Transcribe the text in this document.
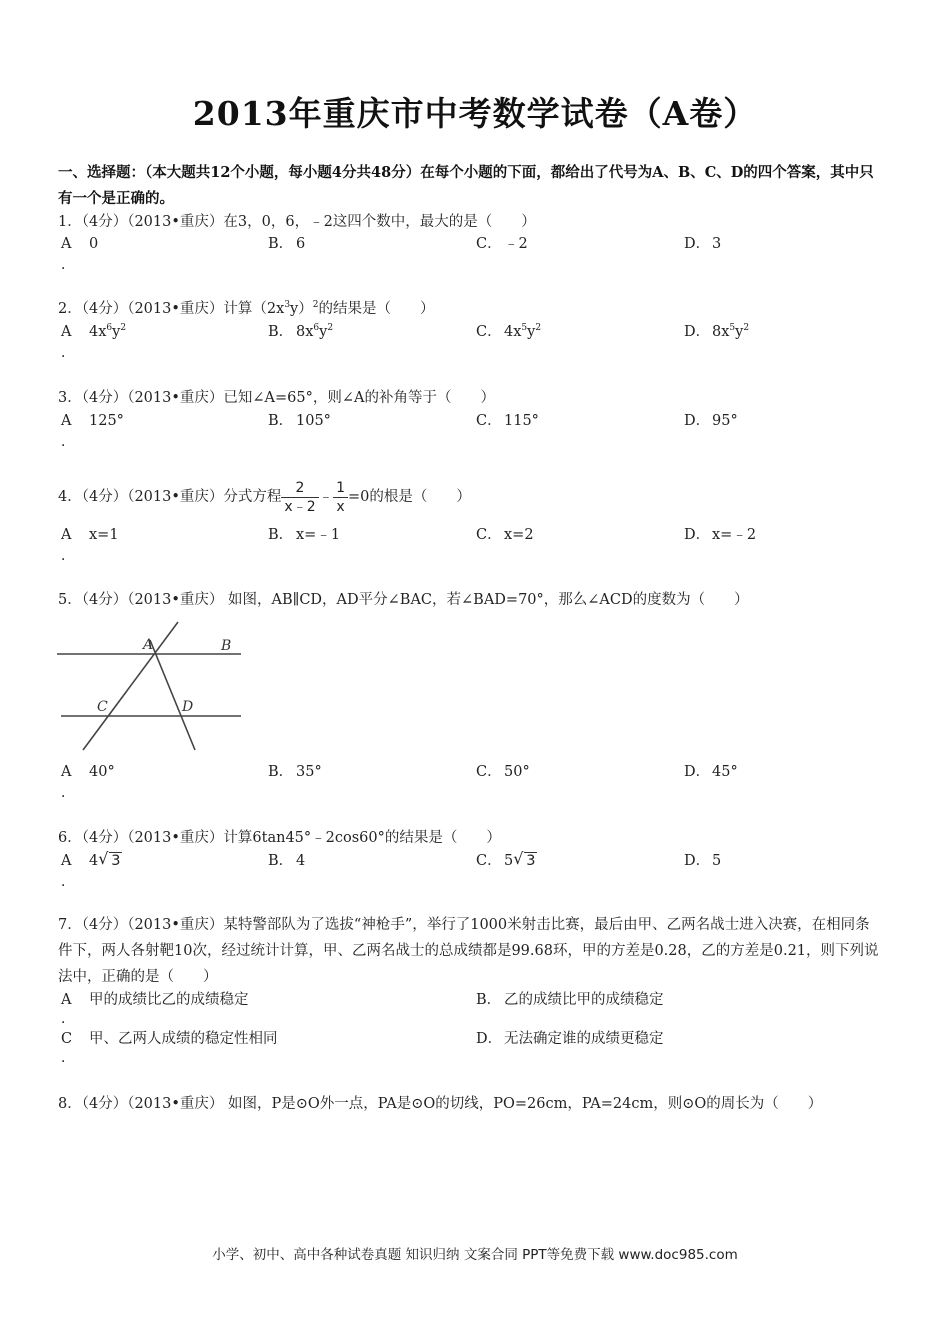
2013年重庆市中考数学试卷（A卷）
一、选择题：（本大题共12个小题，每小题4分共48分）在每个小题的下面，都给出了代号为A、B、C、D的四个答案，其中只有一个是正确的。
1．（4分）（2013•重庆）在3，0，6，﹣2这四个数中，最大的是（　　）
A 0
．
B． 6	C． ﹣2	D． 3
2．（4分）（2013•重庆）计算$(2x^3y)^2$的结果是（　　）
A $4x^6y^2$
．
B． $8x^6y^2$	C． $4x^5y^2$	D． $8x^5y^2$
3．（4分）（2013•重庆）已知∠A=65°，则∠A的补角等于（　　）
A 125°
．
B． 105°	C． 115°	D． 95°
4．（4分）（2013•重庆）分式方程 $\frac{2}{x﹣2}$ ﹣ $\frac{1}{x} =0$的根是（　　）
A x=1
．
B． x=﹣1	C． x=2	D． x=﹣2
5．（4分）（2013•重庆） 如图，AB∥CD，AD平分∠BAC，若∠BAD=70°，那么∠ACD的度数为（　　）
A	B
C	D
A 40°
．
B． 35°	C． 50°	D． 45°
6．（4分）（2013•重庆）计算6tan45°﹣2cos60°的结果是（　　）
A 4 √ 3
．
B． 4	C． 5 √ 3	D． 5
7．（4分）（2013•重庆）某特警部队为了选拔“神枪手”，举行了1000米射击比赛，最后由甲、乙两名战士进入决赛，在相同条件下，两人各射靶10次，经过统计计算，甲、乙两名战士的总成绩都是99.68环，甲的方差是0.28，乙的方差是0.21，则下列说法中，正确的是（　　）
A 甲的成绩比乙的成绩稳定
．
B． 乙的成绩比甲的成绩稳定
C 甲、乙两人成绩的稳定性相同
．
D． 无法确定谁的成绩更稳定
8．（4分）（2013•重庆） 如图，P是⊙O外一点，PA是⊙O的切线，PO=26cm，PA=24cm，则⊙O的周长为（　　）
小学、初中、高中各种试卷真题 知识归纳 文案合同 PPT等免费下载 www.doc985.com
